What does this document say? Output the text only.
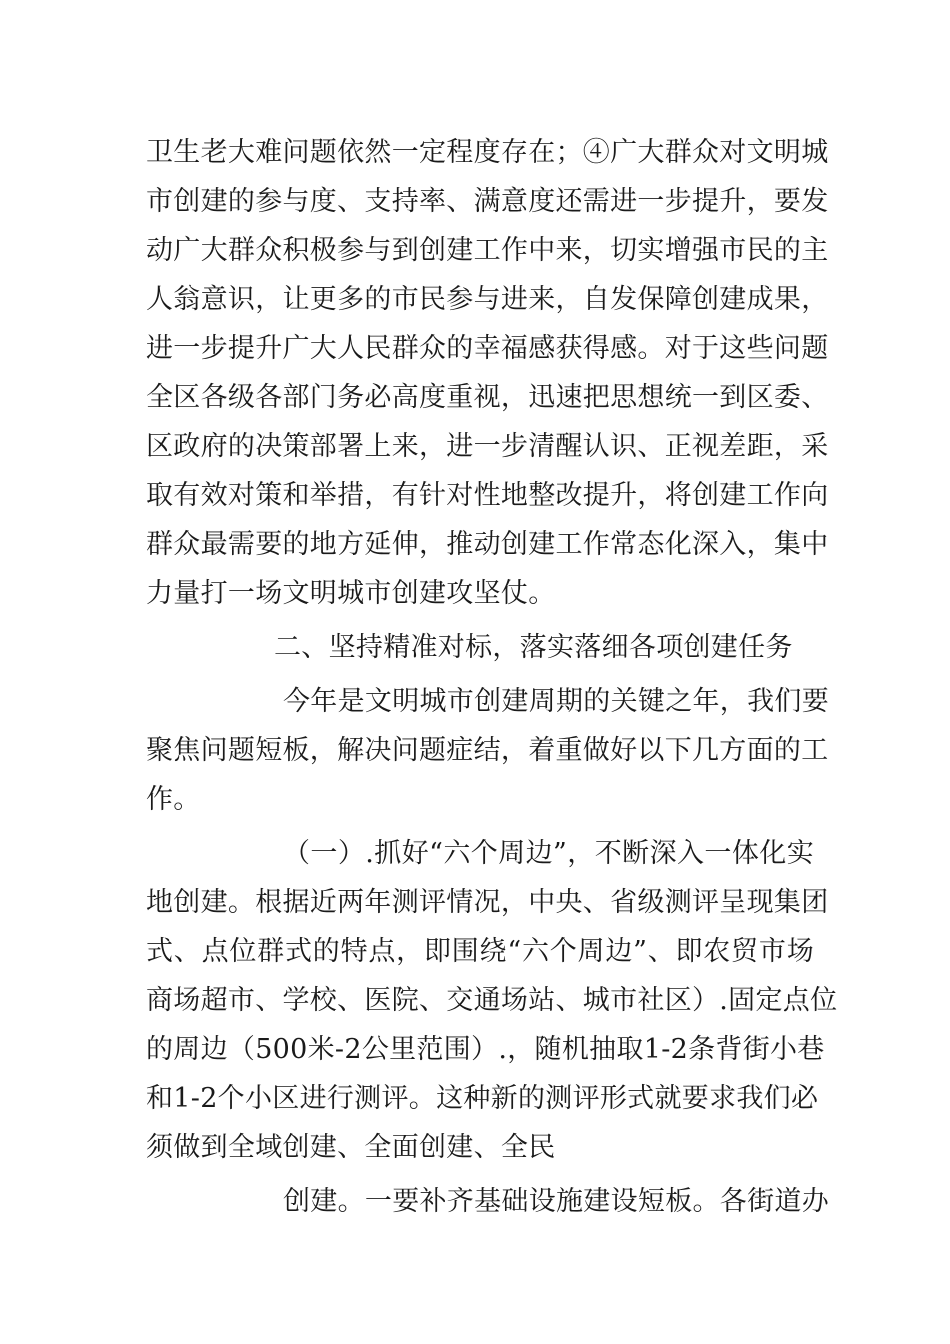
卫生老大难问题依然一定程度存在；④广大群众对文明城
市创建的参与度、支持率、满意度还需进一步提升，要发
动广大群众积极参与到创建工作中来，切实增强市民的主
人翁意识，让更多的市民参与进来，自发保障创建成果，
进一步提升广大人民群众的幸福感获得感。对于这些问题
全区各级各部门务必高度重视，迅速把思想统一到区委、
区政府的决策部署上来，进一步清醒认识、正视差距，采
取有效对策和举措，有针对性地整改提升，将创建工作向
群众最需要的地方延伸，推动创建工作常态化深入，集中
力量打一场文明城市创建攻坚仗。
二、坚持精准对标，落实落细各项创建任务
今年是文明城市创建周期的关键之年，我们要
聚焦问题短板，解决问题症结，着重做好以下几方面的工
作。
（一）.抓好“六个周边”，不断深入一体化实
地创建。根据近两年测评情况，中央、省级测评呈现集团
式、点位群式的特点，即围绕“六个周边”、即农贸市场
商场超市、学校、医院、交通场站、城市社区）.固定点位
的周边（500米-2公里范围）.，随机抽取1-2条背街小巷
和1-2个小区进行测评。这种新的测评形式就要求我们必
须做到全域创建、全面创建、全民
创建。一要补齐基础设施建设短板。各街道办
